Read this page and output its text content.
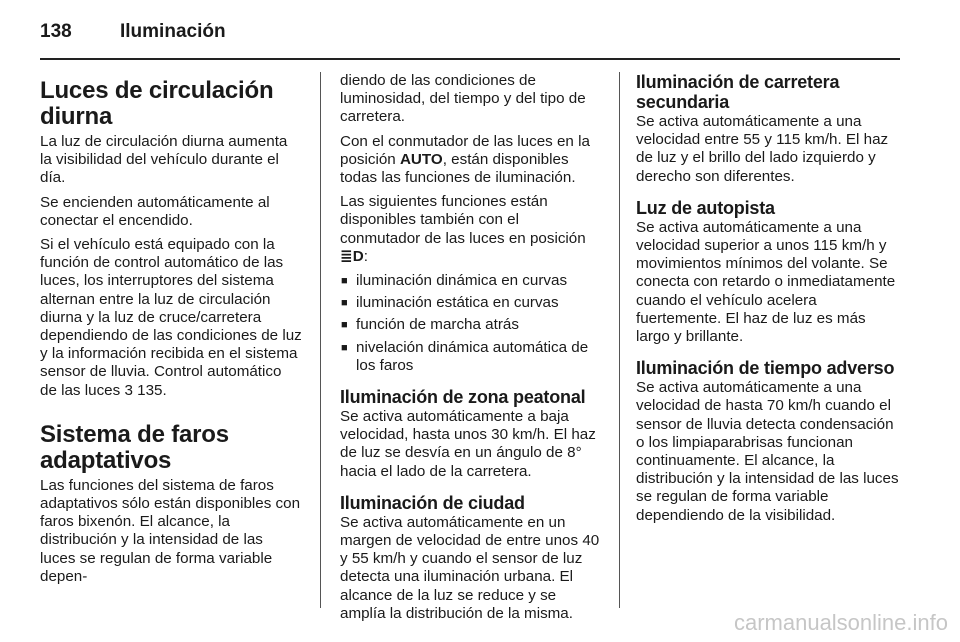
138	Iluminación
Luces de circulación diurna

La luz de circulación diurna aumenta la visibilidad del vehículo durante el día.

Se encienden automáticamente al conectar el encendido.

Si el vehículo está equipado con la función de control automático de las luces, los interruptores del sistema alternan entre la luz de circulación diurna y la luz de cruce/carretera dependiendo de las condiciones de luz y la información recibida en el sistema sensor de lluvia. Control automático de las luces 3 135.

Sistema de faros adaptativos

Las funciones del sistema de faros adaptativos sólo están disponibles con faros bixenón. El alcance, la distribución y la intensidad de las luces se regulan de forma variable depen-

diendo de las condiciones de luminosidad, del tiempo y del tipo de carretera.

Con el conmutador de las luces en la posición AUTO, están disponibles todas las funciones de iluminación.

Las siguientes funciones están disponibles también con el conmutador de las luces en posición ≣D:

■ iluminación dinámica en curvas
■ iluminación estática en curvas
■ función de marcha atrás
■ nivelación dinámica automática de los faros
Iluminación de zona peatonal

Se activa automáticamente a baja velocidad, hasta unos 30 km/h. El haz de luz se desvía en un ángulo de 8° hacia el lado de la carretera.

Iluminación de ciudad

Se activa automáticamente en un margen de velocidad de entre unos 40 y 55 km/h y cuando el sensor de luz detecta una iluminación urbana. El alcance de la luz se reduce y se amplía la distribución de la misma.

Iluminación de carretera secundaria

Se activa automáticamente a una velocidad entre 55 y 115 km/h. El haz de luz y el brillo del lado izquierdo y derecho son diferentes.

Luz de autopista

Se activa automáticamente a una velocidad superior a unos 115 km/h y movimientos mínimos del volante. Se conecta con retardo o inmediatamente cuando el vehículo acelera fuertemente. El haz de luz es más largo y brillante.

Iluminación de tiempo adverso

Se activa automáticamente a una velocidad de hasta 70 km/h cuando el sensor de lluvia detecta condensación o los limpiaparabrisas funcionan continuamente. El alcance, la distribución y la intensidad de las luces se regulan de forma variable dependiendo de la visibilidad.

carmanualsonline.info
